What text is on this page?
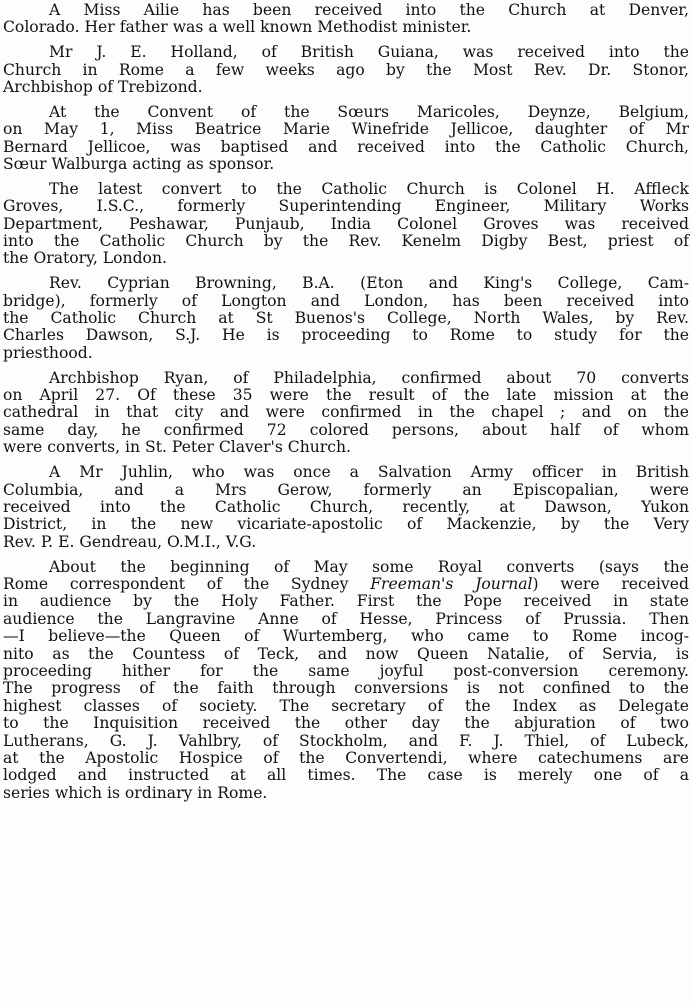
A Miss Ailie has been received into the Church at Denver,
Colorado. Her father was a well known Methodist minister.
Mr J. E. Holland, of British Guiana, was received into the
Church in Rome a few weeks ago by the Most Rev. Dr. Stonor,
Archbishop of Trebizond.
At the Convent of the Sœurs Maricoles, Deynze, Belgium,
on May 1, Miss Beatrice Marie Winefride Jellicoe, daughter of Mr
Bernard Jellicoe, was baptised and received into the Catholic Church,
Sœur Walburga acting as sponsor.
The latest convert to the Catholic Church is Colonel H. Affleck
Groves, I.S.C., formerly Superintending Engineer, Military Works
Department, Peshawar, Punjaub, India Colonel Groves was received
into the Catholic Church by the Rev. Kenelm Digby Best, priest of
the Oratory, London.
Rev. Cyprian Browning, B.A. (Eton and King's College, Cam-
bridge), formerly of Longton and London, has been received into
the Catholic Church at St Buenos's College, North Wales, by Rev.
Charles Dawson, S.J. He is proceeding to Rome to study for the
priesthood.
Archbishop Ryan, of Philadelphia, confirmed about 70 converts
on April 27. Of these 35 were the result of the late mission at the
cathedral in that city and were confirmed in the chapel ; and on the
same day, he confirmed 72 colored persons, about half of whom
were converts, in St. Peter Claver's Church.
A Mr Juhlin, who was once a Salvation Army officer in British
Columbia, and a Mrs Gerow, formerly an Episcopalian, were
received into the Catholic Church, recently, at Dawson, Yukon
District, in the new vicariate-apostolic of Mackenzie, by the Very
Rev. P. E. Gendreau, O.M.I., V.G.
About the beginning of May some Royal converts (says the
Rome correspondent of the Sydney Freeman's Journal) were received
in audience by the Holy Father. First the Pope received in state
audience the Langravine Anne of Hesse, Princess of Prussia. Then
—I believe—the Queen of Wurtemberg, who came to Rome incog-
nito as the Countess of Teck, and now Queen Natalie, of Servia, is
proceeding hither for the same joyful post-conversion ceremony.
The progress of the faith through conversions is not confined to the
highest classes of society. The secretary of the Index as Delegate
to the Inquisition received the other day the abjuration of two
Lutherans, G. J. Vahlbry, of Stockholm, and F. J. Thiel, of Lubeck,
at the Apostolic Hospice of the Convertendi, where catechumens are
lodged and instructed at all times. The case is merely one of a
series which is ordinary in Rome.
